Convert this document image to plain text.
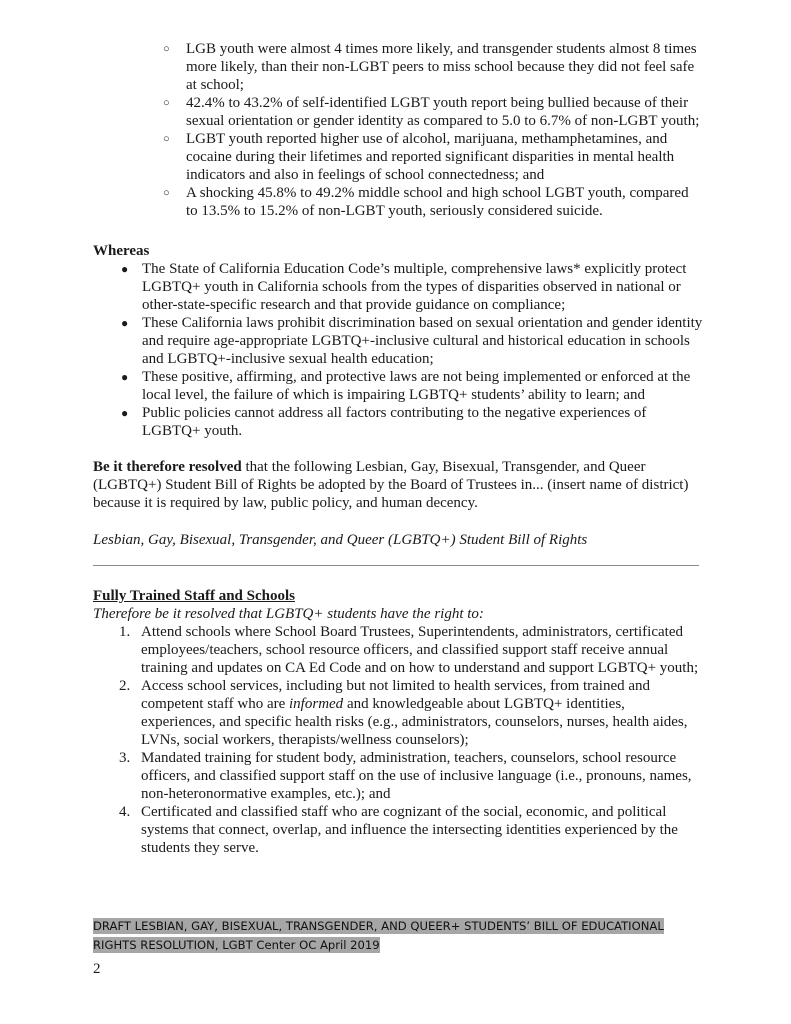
○ LGB youth were almost 4 times more likely, and transgender students almost 8 times more likely, than their non-LGBT peers to miss school because they did not feel safe at school;
○ 42.4% to 43.2% of self-identified LGBT youth report being bullied because of their sexual orientation or gender identity as compared to 5.0 to 6.7% of non-LGBT youth;
○ LGBT youth reported higher use of alcohol, marijuana, methamphetamines, and cocaine during their lifetimes and reported significant disparities in mental health indicators and also in feelings of school connectedness; and
○ A shocking 45.8% to 49.2% middle school and high school LGBT youth, compared to 13.5% to 15.2% of non-LGBT youth, seriously considered suicide.
Whereas
● The State of California Education Code’s multiple, comprehensive laws* explicitly protect LGBTQ+ youth in California schools from the types of disparities observed in national or other-state-specific research and that provide guidance on compliance;
● These California laws prohibit discrimination based on sexual orientation and gender identity and require age-appropriate LGBTQ+-inclusive cultural and historical education in schools and LGBTQ+-inclusive sexual health education;
● These positive, affirming, and protective laws are not being implemented or enforced at the local level, the failure of which is impairing LGBTQ+ students’ ability to learn; and
● Public policies cannot address all factors contributing to the negative experiences of LGBTQ+ youth.

Be it therefore resolved that the following Lesbian, Gay, Bisexual, Transgender, and Queer (LGBTQ+) Student Bill of Rights be adopted by the Board of Trustees in... (insert name of district) because it is required by law, public policy, and human decency.

Lesbian, Gay, Bisexual, Transgender, and Queer (LGBTQ+) Student Bill of Rights
Fully Trained Staff and Schools
Therefore be it resolved that LGBTQ+ students have the right to:
1. Attend schools where School Board Trustees, Superintendents, administrators, certificated employees/teachers, school resource officers, and classified support staff receive annual training and updates on CA Ed Code and on how to understand and support LGBTQ+ youth;
2. Access school services, including but not limited to health services, from trained and competent staff who are informed and knowledgeable about LGBTQ+ identities, experiences, and specific health risks (e.g., administrators, counselors, nurses, health aides, LVNs, social workers, therapists/wellness counselors);
3. Mandated training for student body, administration, teachers, counselors, school resource officers, and classified support staff on the use of inclusive language (i.e., pronouns, names, non-heteronormative examples, etc.); and
4. Certificated and classified staff who are cognizant of the social, economic, and political systems that connect, overlap, and influence the intersecting identities experienced by the students they serve.
DRAFT LESBIAN, GAY, BISEXUAL, TRANSGENDER, AND QUEER+ STUDENTS’ BILL OF EDUCATIONAL
RIGHTS RESOLUTION, LGBT Center OC April 2019
2
